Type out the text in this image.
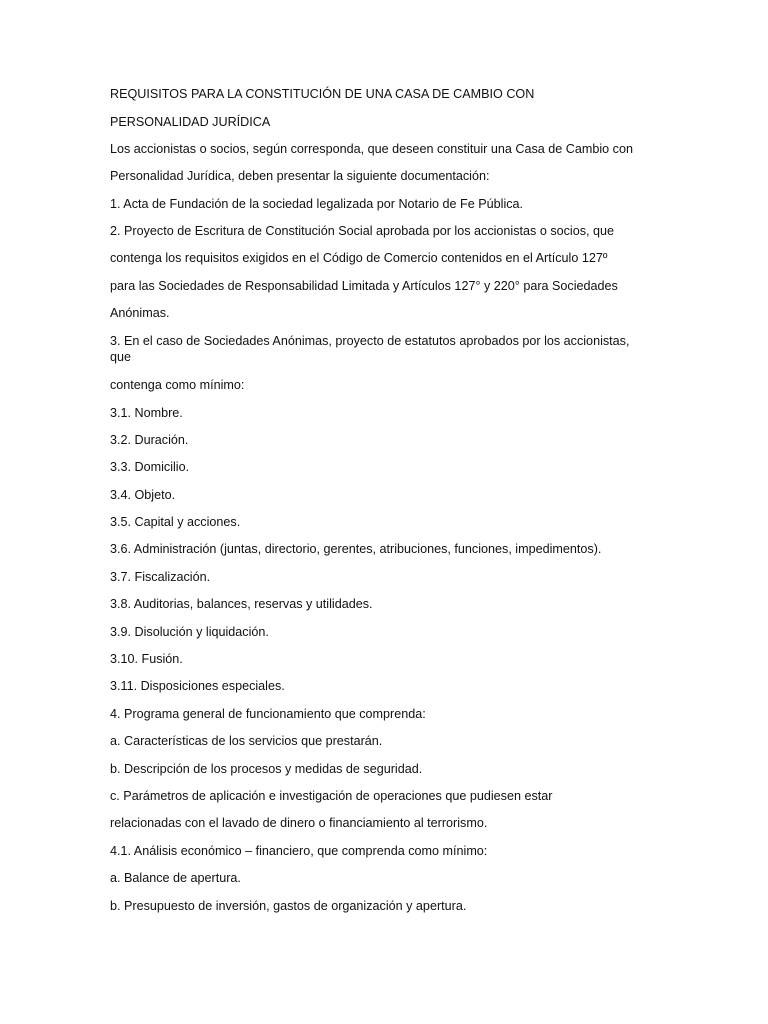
REQUISITOS PARA LA CONSTITUCIÓN DE UNA CASA DE CAMBIO CON

PERSONALIDAD JURÍDICA

Los accionistas o socios, según corresponda, que deseen constituir una Casa de Cambio con

Personalidad Jurídica, deben presentar la siguiente documentación:

1. Acta de Fundación de la sociedad legalizada por Notario de Fe Pública.

2. Proyecto de Escritura de Constitución Social aprobada por los accionistas o socios, que

contenga los requisitos exigidos en el Código de Comercio contenidos en el Artículo 127º

para las Sociedades de Responsabilidad Limitada y Artículos 127° y 220° para Sociedades

Anónimas.

3. En el caso de Sociedades Anónimas, proyecto de estatutos aprobados por los accionistas, que

contenga como mínimo:

3.1. Nombre.

3.2. Duración.

3.3. Domicilio.

3.4. Objeto.

3.5. Capital y acciones.

3.6. Administración (juntas, directorio, gerentes, atribuciones, funciones, impedimentos).

3.7. Fiscalización.

3.8. Auditorias, balances, reservas y utilidades.

3.9. Disolución y liquidación.

3.10. Fusión.

3.11. Disposiciones especiales.

4. Programa general de funcionamiento que comprenda:

a. Características de los servicios que prestarán.

b. Descripción de los procesos y medidas de seguridad.

c. Parámetros de aplicación e investigación de operaciones que pudiesen estar

relacionadas con el lavado de dinero o financiamiento al terrorismo.

4.1. Análisis económico – financiero, que comprenda como mínimo:

a. Balance de apertura.

b. Presupuesto de inversión, gastos de organización y apertura.
